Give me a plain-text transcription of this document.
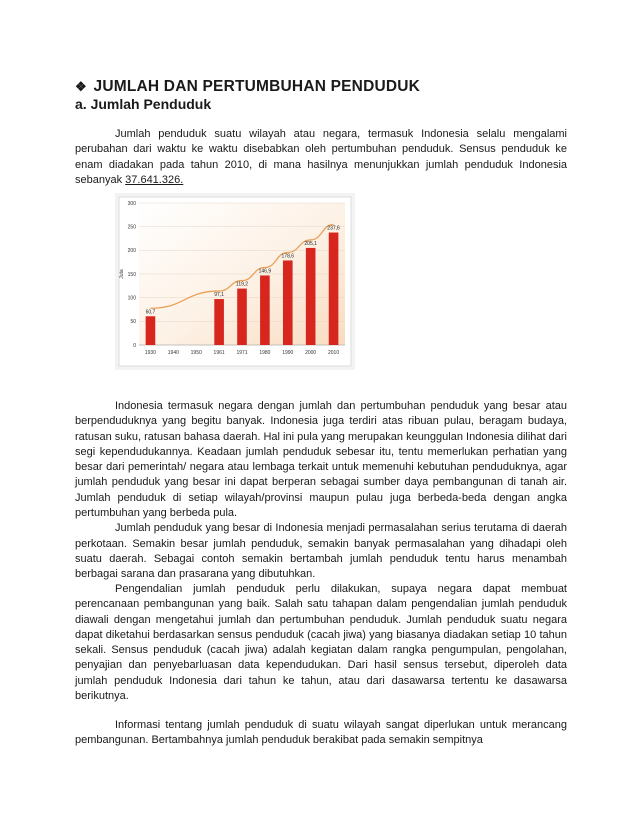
❖ JUMLAH DAN PERTUMBUHAN PENDUDUK
a. Jumlah Penduduk

Jumlah penduduk suatu wilayah atau negara, termasuk Indonesia selalu mengalami perubahan dari waktu ke waktu disebabkan oleh pertumbuhan penduduk. Sensus penduduk ke enam diadakan pada tahun 2010, di mana hasilnya menunjukkan jumlah penduduk Indonesia sebanyak 37.641.326.

Indonesia termasuk negara dengan jumlah dan pertumbuhan penduduk yang besar atau berpenduduknya yang begitu banyak. Indonesia juga terdiri atas ribuan pulau, beragam budaya, ratusan suku, ratusan bahasa daerah. Hal ini pula yang merupakan keunggulan Indonesia dilihat dari segi kependudukannya. Keadaan jumlah penduduk sebesar itu, tentu memerlukan perhatian yang besar dari pemerintah/ negara atau lembaga terkait untuk memenuhi kebutuhan penduduknya, agar jumlah penduduk yang besar ini dapat berperan sebagai sumber daya pembangunan di tanah air. Jumlah penduduk di setiap wilayah/provinsi maupun pulau juga berbeda-beda dengan angka pertumbuhan yang berbeda pula.

Jumlah penduduk yang besar di Indonesia menjadi permasalahan serius terutama di daerah perkotaan. Semakin besar jumlah penduduk, semakin banyak permasalahan yang dihadapi oleh suatu daerah. Sebagai contoh semakin bertambah jumlah penduduk tentu harus menambah berbagai sarana dan prasarana yang dibutuhkan.

Pengendalian jumlah penduduk perlu dilakukan, supaya negara dapat membuat perencanaan pembangunan yang baik. Salah satu tahapan dalam pengendalian jumlah penduduk diawali dengan mengetahui jumlah dan pertumbuhan penduduk. Jumlah penduduk suatu negara dapat diketahui berdasarkan sensus penduduk (cacah jiwa) yang biasanya diadakan setiap 10 tahun sekali. Sensus penduduk (cacah jiwa) adalah kegiatan dalam rangka pengumpulan, pengolahan, penyajian dan penyebarluasan data kependudukan. Dari hasil sensus tersebut, diperoleh data jumlah penduduk Indonesia dari tahun ke tahun, atau dari dasawarsa tertentu ke dasawarsa berikutnya.

Informasi tentang jumlah penduduk di suatu wilayah sangat diperlukan untuk merancang pembangunan. Bertambahnya jumlah penduduk berakibat pada semakin sempitnya

0
50
100
150
200
250
300
Juta
60,7
97,1
119,2
146,9
178,6
205,1
237,6
1930 1940 1950 1961 1971 1980 1990 2000 2010
